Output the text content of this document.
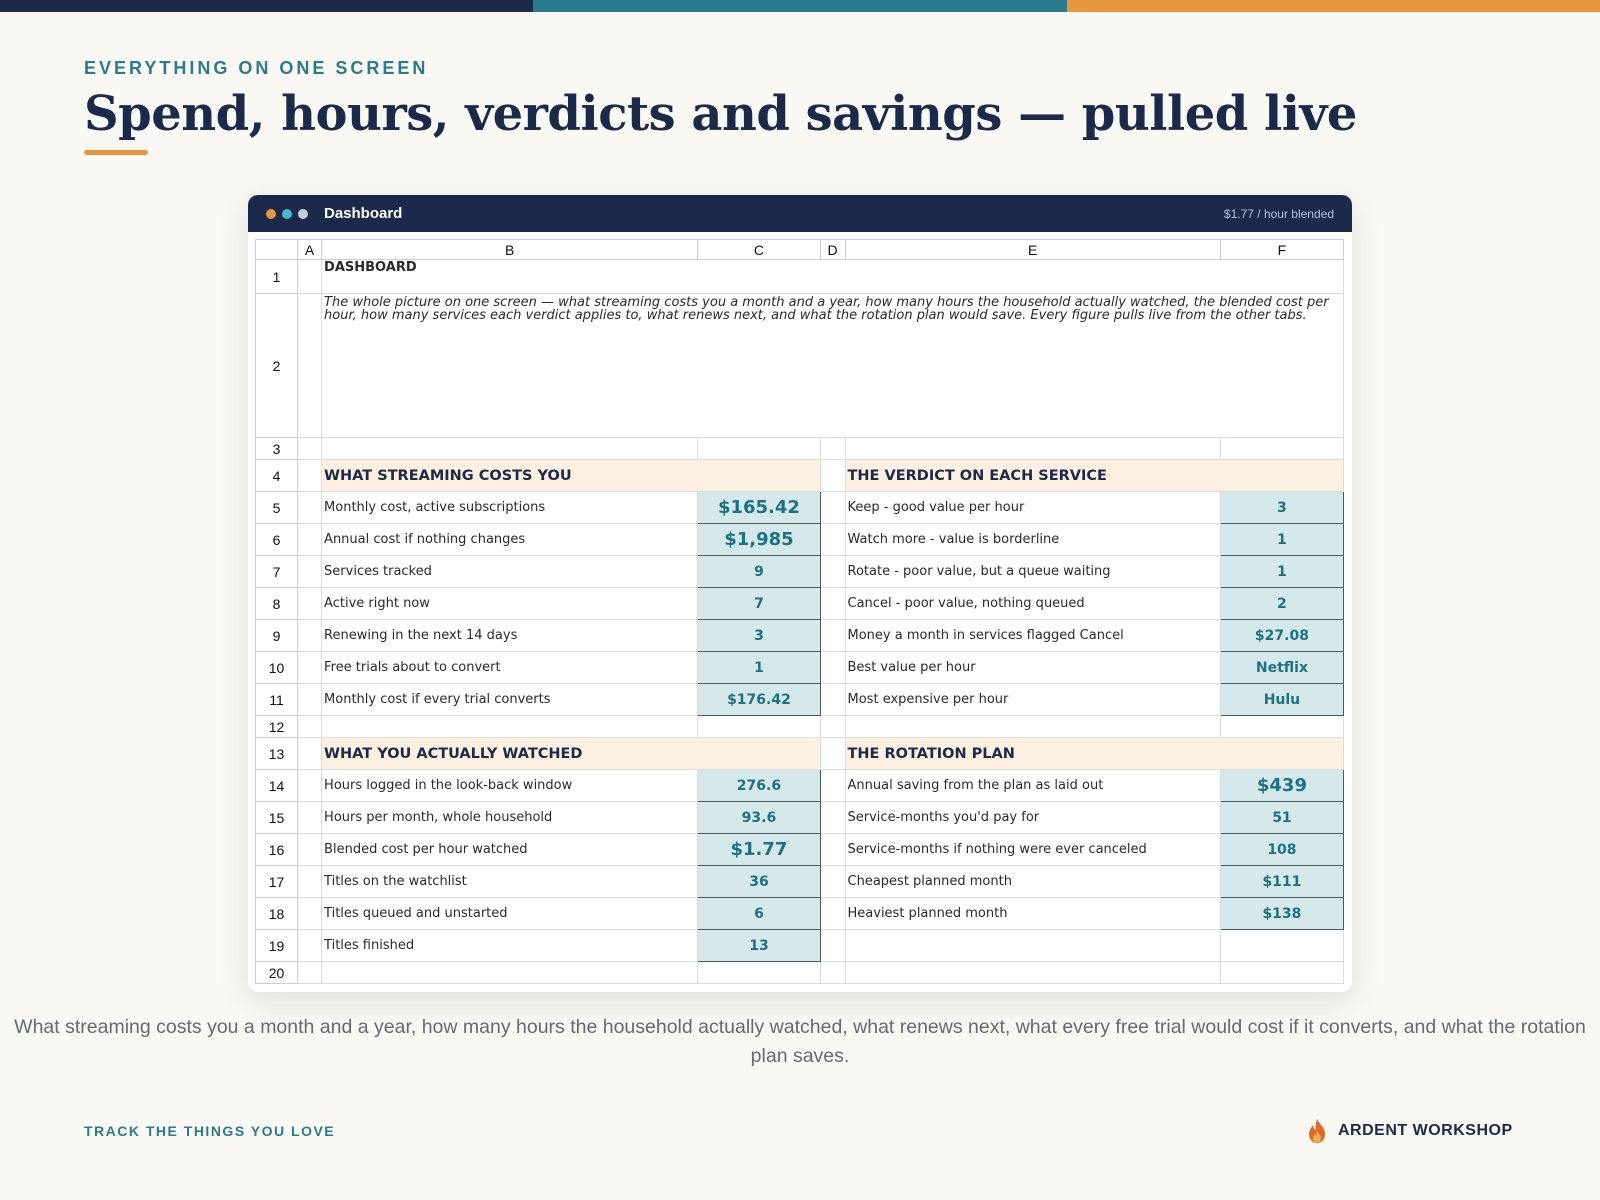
EVERYTHING ON ONE SCREEN
Spend, hours, verdicts and savings — pulled live
Dashboard	$1.77 / hour blended
	A	B	C	D	E	F
1		DASHBOARD				
2		The whole picture on one screen — what streaming costs you a month and a year, how many hours the household actually watched, the blended cost per hour, how many services each verdict applies to, what renews next, and what the rotation plan would save. Every figure pulls live from the other tabs.				
3						
4		WHAT STREAMING COSTS YOU			THE VERDICT ON EACH SERVICE	
5		Monthly cost, active subscriptions	$165.42		Keep - good value per hour	3
6		Annual cost if nothing changes	$1,985		Watch more - value is borderline	1
7		Services tracked	9		Rotate - poor value, but a queue waiting	1
8		Active right now	7		Cancel - poor value, nothing queued	2
9		Renewing in the next 14 days	3		Money a month in services flagged Cancel	$27.08
10		Free trials about to convert	1		Best value per hour	Netflix
11		Monthly cost if every trial converts	$176.42		Most expensive per hour	Hulu
12						
13		WHAT YOU ACTUALLY WATCHED			THE ROTATION PLAN	
14		Hours logged in the look-back window	276.6		Annual saving from the plan as laid out	$439
15		Hours per month, whole household	93.6		Service-months you'd pay for	51
16		Blended cost per hour watched	$1.77		Service-months if nothing were ever canceled	108
17		Titles on the watchlist	36		Cheapest planned month	$111
18		Titles queued and unstarted	6		Heaviest planned month	$138
19		Titles finished	13			
20						
What streaming costs you a month and a year, how many hours the household actually watched, what renews next, what every free trial would cost if it converts, and what the rotation plan saves.
TRACK THE THINGS YOU LOVE	ARDENT WORKSHOP
